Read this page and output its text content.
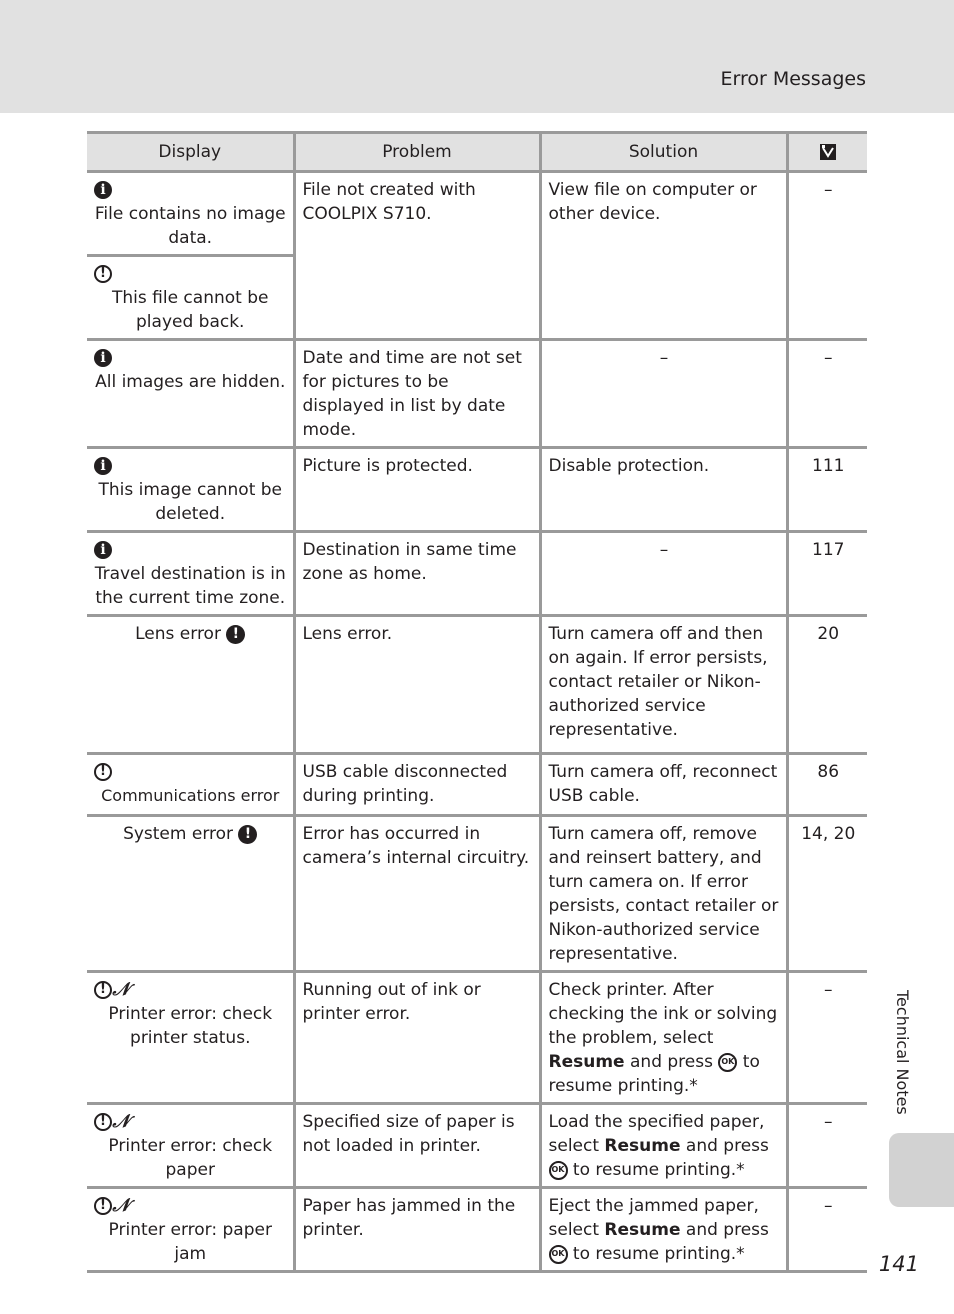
Error Messages
Display	Problem	Solution	

i
File contains no image data.	File not created with COOLPIX S710.	View file on computer or other device.	–

!
This file cannot be played back.			

i
All images are hidden.	Date and time are not set for pictures to be displayed in list by date mode.	–	–

i
This image cannot be deleted.	Picture is protected.	Disable protection.	111

i
Travel destination is in the current time zone.	Destination in same time zone as home.	–	117
Lens error !	Lens error.	Turn camera off and then on again. If error persists, contact retailer or Nikon-authorized service representative.	20

!
Communications error	USB cable disconnected during printing.	Turn camera off, reconnect USB cable.	86
System error !	Error has occurred in camera’s internal circuitry.	Turn camera off, remove and reinsert battery, and turn camera on. If error persists, contact retailer or Nikon-authorized service representative.	14, 20

! 𝒩
Printer error: check printer status.	Running out of ink or printer error.	Check printer. After checking the ink or solving the problem, select Resume and press OK to resume printing.*	–

! 𝒩
Printer error: check paper	Specified size of paper is not loaded in printer.	Load the specified paper, select Resume and press OK to resume printing.*	–

! 𝒩
Printer error: paper jam	Paper has jammed in the printer.	Eject the jammed paper, select Resume and press OK to resume printing.*	–
Technical Notes
141
